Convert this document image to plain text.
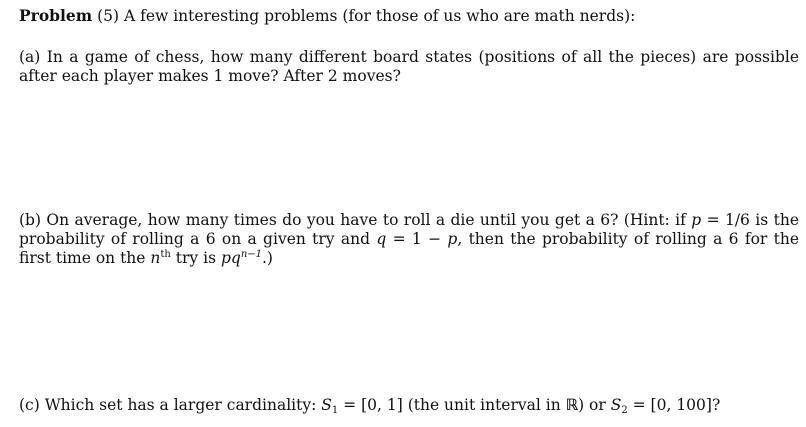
Problem (5) A few interesting problems (for those of us who are math nerds):
(a) In a game of chess, how many different board states (positions of all the pieces) are possible after each player makes 1 move? After 2 moves?
(b) On average, how many times do you have to roll a die until you get a 6? (Hint: if p = 1/6 is the probability of rolling a 6 on a given try and q = 1 − p, then the probability of rolling a 6 for the first time on the $n^{th}$ try is $pq^{n-1}$.)
(c) Which set has a larger cardinality: $S_1 = [0$, 1] (the unit interval in ℝ) or $S_2 = [0$, 100]?
